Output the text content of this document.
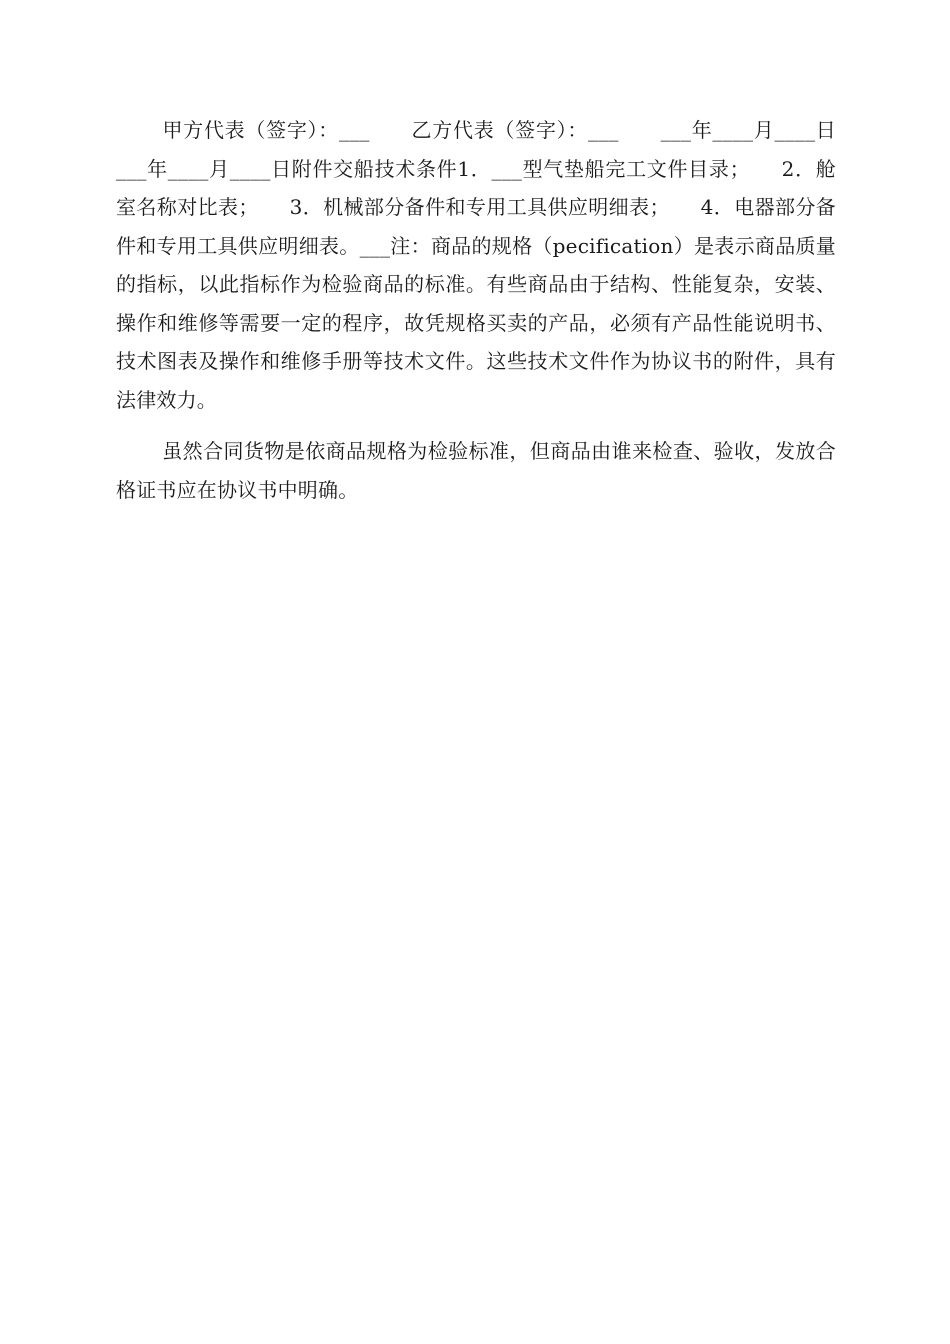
甲方代表（签字）：___　　乙方代表（签字）：___　　___年____月____日___年____月____日附件交船技术条件1．___型气垫船完工文件目录；　　2．舱室名称对比表；　　3．机械部分备件和专用工具供应明细表；　　4．电器部分备件和专用工具供应明细表。___注：商品的规格（pecification）是表示商品质量的指标，以此指标作为检验商品的标准。有些商品由于结构、性能复杂，安装、操作和维修等需要一定的程序，故凭规格买卖的产品，必须有产品性能说明书、技术图表及操作和维修手册等技术文件。这些技术文件作为协议书的附件，具有法律效力。

虽然合同货物是依商品规格为检验标准，但商品由谁来检查、验收，发放合格证书应在协议书中明确。
